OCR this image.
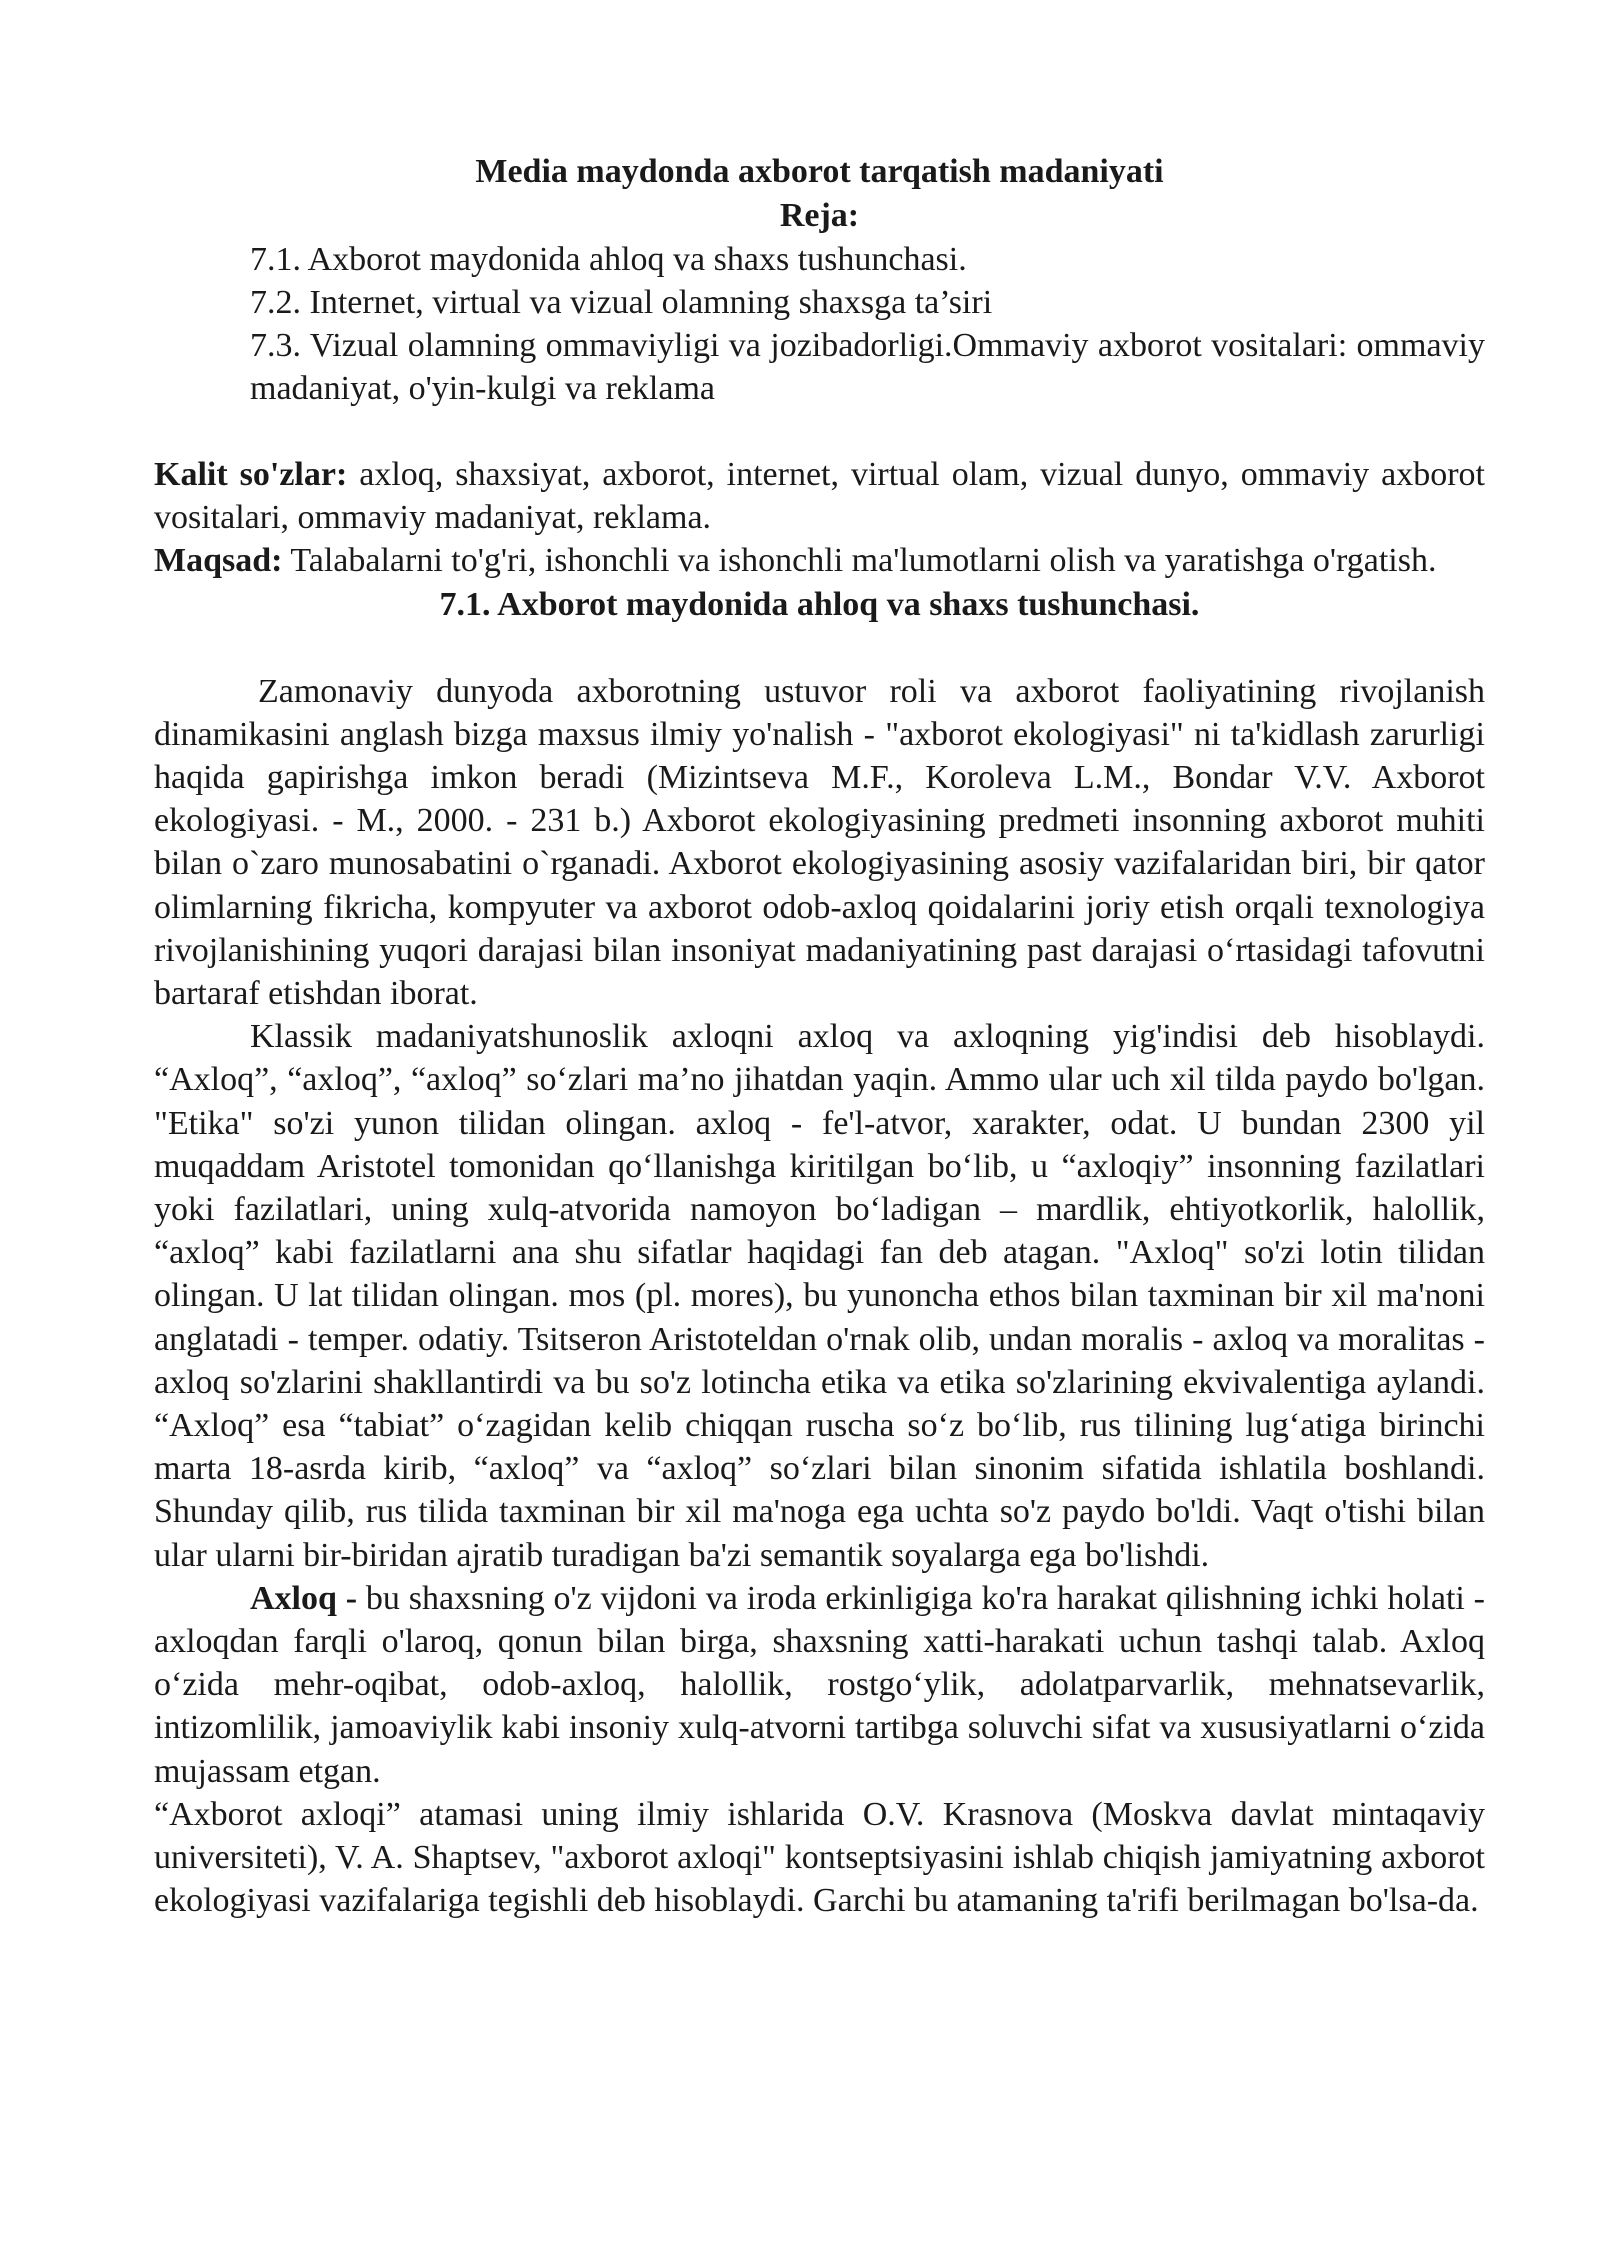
Media maydonda axborot tarqatish madaniyati
Reja:
7.1. Axborot maydonida ahloq va shaxs tushunchasi.
7.2. Internet, virtual va vizual olamning shaxsga ta’siri
7.3. Vizual olamning ommaviyligi va jozibadorligi.Ommaviy axborot vositalari: ommaviy madaniyat, o'yin-kulgi va reklama

Kalit so'zlar: axloq, shaxsiyat, axborot, internet, virtual olam, vizual dunyo, ommaviy axborot vositalari, ommaviy madaniyat, reklama.

Maqsad: Talabalarni to'g'ri, ishonchli va ishonchli ma'lumotlarni olish va yaratishga o'rgatish.

7.1. Axborot maydonida ahloq va shaxs tushunchasi.

Zamonaviy dunyoda axborotning ustuvor roli va axborot faoliyatining rivojlanish dinamikasini anglash bizga maxsus ilmiy yo'nalish - "axborot ekologiyasi" ni ta'kidlash zarurligi haqida gapirishga imkon beradi (Mizintseva M.F., Koroleva L.M., Bondar V.V. Axborot ekologiyasi. - M., 2000. - 231 b.) Axborot ekologiyasining predmeti insonning axborot muhiti bilan o`zaro munosabatini o`rganadi. Axborot ekologiyasining asosiy vazifalaridan biri, bir qator olimlarning fikricha, kompyuter va axborot odob-axloq qoidalarini joriy etish orqali texnologiya rivojlanishining yuqori darajasi bilan insoniyat madaniyatining past darajasi o‘rtasidagi tafovutni bartaraf etishdan iborat.

Klassik madaniyatshunoslik axloqni axloq va axloqning yig'indisi deb hisoblaydi. “Axloq”, “axloq”, “axloq” so‘zlari ma’no jihatdan yaqin. Ammo ular uch xil tilda paydo bo'lgan. "Etika" so'zi yunon tilidan olingan. axloq - fe'l-atvor, xarakter, odat. U bundan 2300 yil muqaddam Aristotel tomonidan qo‘llanishga kiritilgan bo‘lib, u “axloqiy” insonning fazilatlari yoki fazilatlari, uning xulq-atvorida namoyon bo‘ladigan – mardlik, ehtiyotkorlik, halollik, “axloq” kabi fazilatlarni ana shu sifatlar haqidagi fan deb atagan. "Axloq" so'zi lotin tilidan olingan. U lat tilidan olingan. mos (pl. mores), bu yunoncha ethos bilan taxminan bir xil ma'noni anglatadi - temper. odatiy. Tsitseron Aristoteldan o'rnak olib, undan moralis - axloq va moralitas - axloq so'zlarini shakllantirdi va bu so'z lotincha etika va etika so'zlarining ekvivalentiga aylandi. “Axloq” esa “tabiat” o‘zagidan kelib chiqqan ruscha so‘z bo‘lib, rus tilining lug‘atiga birinchi marta 18-asrda kirib, “axloq” va “axloq” so‘zlari bilan sinonim sifatida ishlatila boshlandi. Shunday qilib, rus tilida taxminan bir xil ma'noga ega uchta so'z paydo bo'ldi. Vaqt o'tishi bilan ular ularni bir-biridan ajratib turadigan ba'zi semantik soyalarga ega bo'lishdi.

Axloq - bu shaxsning o'z vijdoni va iroda erkinligiga ko'ra harakat qilishning ichki holati - axloqdan farqli o'laroq, qonun bilan birga, shaxsning xatti-harakati uchun tashqi talab. Axloq o‘zida mehr-oqibat, odob-axloq, halollik, rostgo‘ylik, adolatparvarlik, mehnatsevarlik, intizomlilik, jamoaviylik kabi insoniy xulq-atvorni tartibga soluvchi sifat va xususiyatlarni o‘zida mujassam etgan.

“Axborot axloqi” atamasi uning ilmiy ishlarida O.V. Krasnova (Moskva davlat mintaqaviy universiteti), V. A. Shaptsev, "axborot axloqi" kontseptsiyasini ishlab chiqish jamiyatning axborot ekologiyasi vazifalariga tegishli deb hisoblaydi. Garchi bu atamaning ta'rifi berilmagan bo'lsa-da.
